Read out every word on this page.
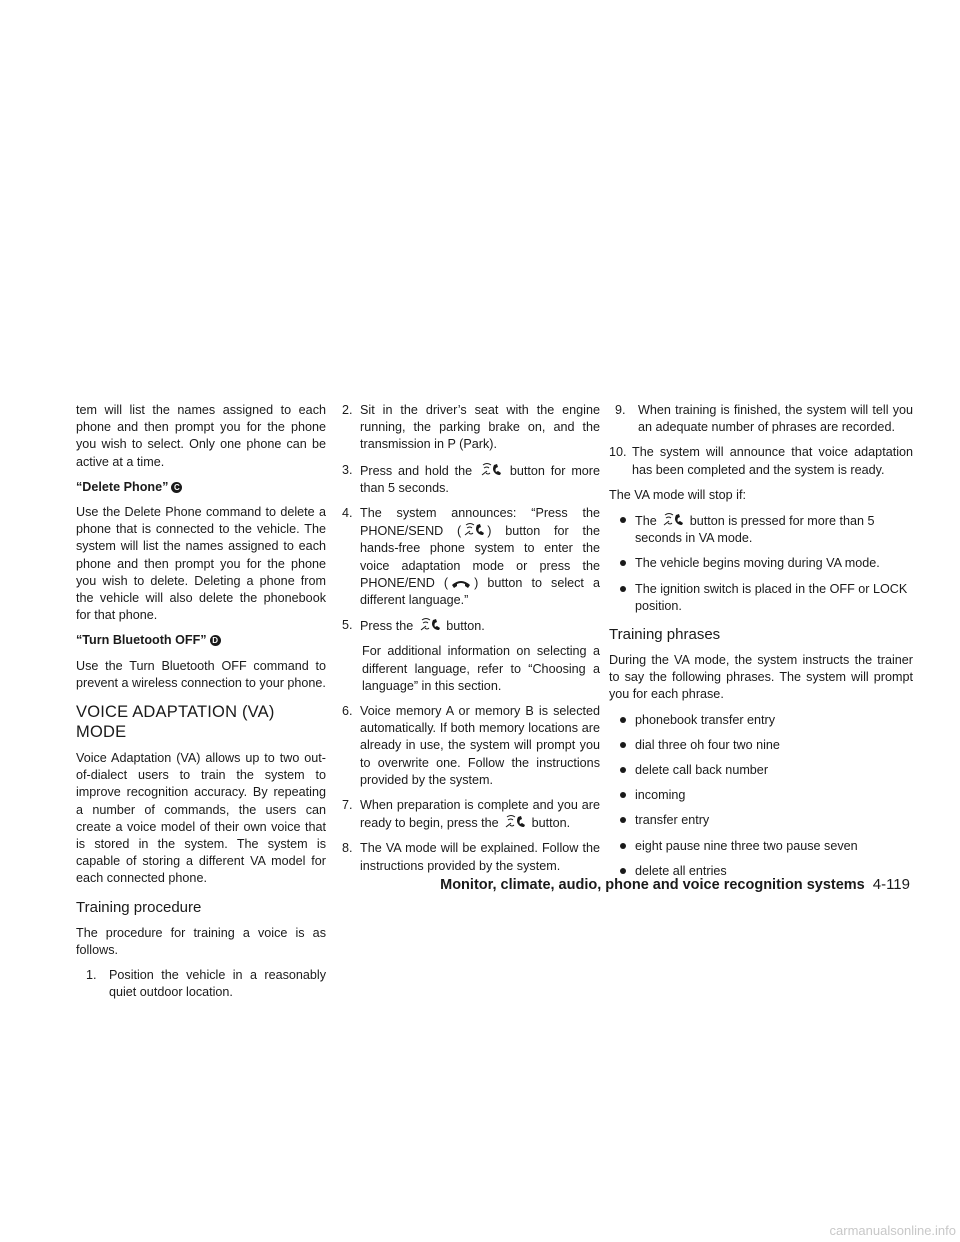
tem will list the names assigned to each phone and then prompt you for the phone you wish to select. Only one phone can be active at a time.

“Delete Phone” C

Use the Delete Phone command to delete a phone that is connected to the vehicle. The system will list the names assigned to each phone and then prompt you for the phone you wish to delete. Deleting a phone from the vehicle will also delete the phonebook for that phone.

“Turn Bluetooth OFF” D

Use the Turn Bluetooth OFF command to prevent a wireless connection to your phone.

VOICE ADAPTATION (VA) MODE

Voice Adaptation (VA) allows up to two out-of-dialect users to train the system to improve recognition accuracy. By repeating a number of commands, the users can create a voice model of their own voice that is stored in the system. The system is capable of storing a different VA model for each connected phone.

Training procedure

The procedure for training a voice is as follows.

1. Position the vehicle in a reasonably quiet outdoor location.
2. Sit in the driver’s seat with the engine running, the parking brake on, and the transmission in P (Park).
3. Press and hold the	button for more than 5 seconds.
4. The system announces: “Press the PHONE/SEND ( ) button for the hands-free phone system to enter the voice adaptation mode or press the PHONE/END ( ) button to select a different language.”
5. Press the	button.

For additional information on selecting a different language, refer to “Choosing a language” in this section.

6. Voice memory A or memory B is selected automatically. If both memory locations are already in use, the system will prompt you to overwrite one. Follow the instructions provided by the system.
7. When preparation is complete and you are ready to begin, press the	button.
8. The VA mode will be explained. Follow the instructions provided by the system.
9. When training is finished, the system will tell you an adequate number of phrases are recorded.
10. The system will announce that voice adaptation has been completed and the system is ready.

The VA mode will stop if:

The	button is pressed for more than 5 seconds in VA mode.
The vehicle begins moving during VA mode.
The ignition switch is placed in the OFF or LOCK position.
Training phrases

During the VA mode, the system instructs the trainer to say the following phrases. The system will prompt you for each phrase.

phonebook transfer entry
dial three oh four two nine
delete call back number
incoming
transfer entry
eight pause nine three two pause seven
delete all entries
Monitor, climate, audio, phone and voice recognition systems 4-119
carmanualsonline.info
